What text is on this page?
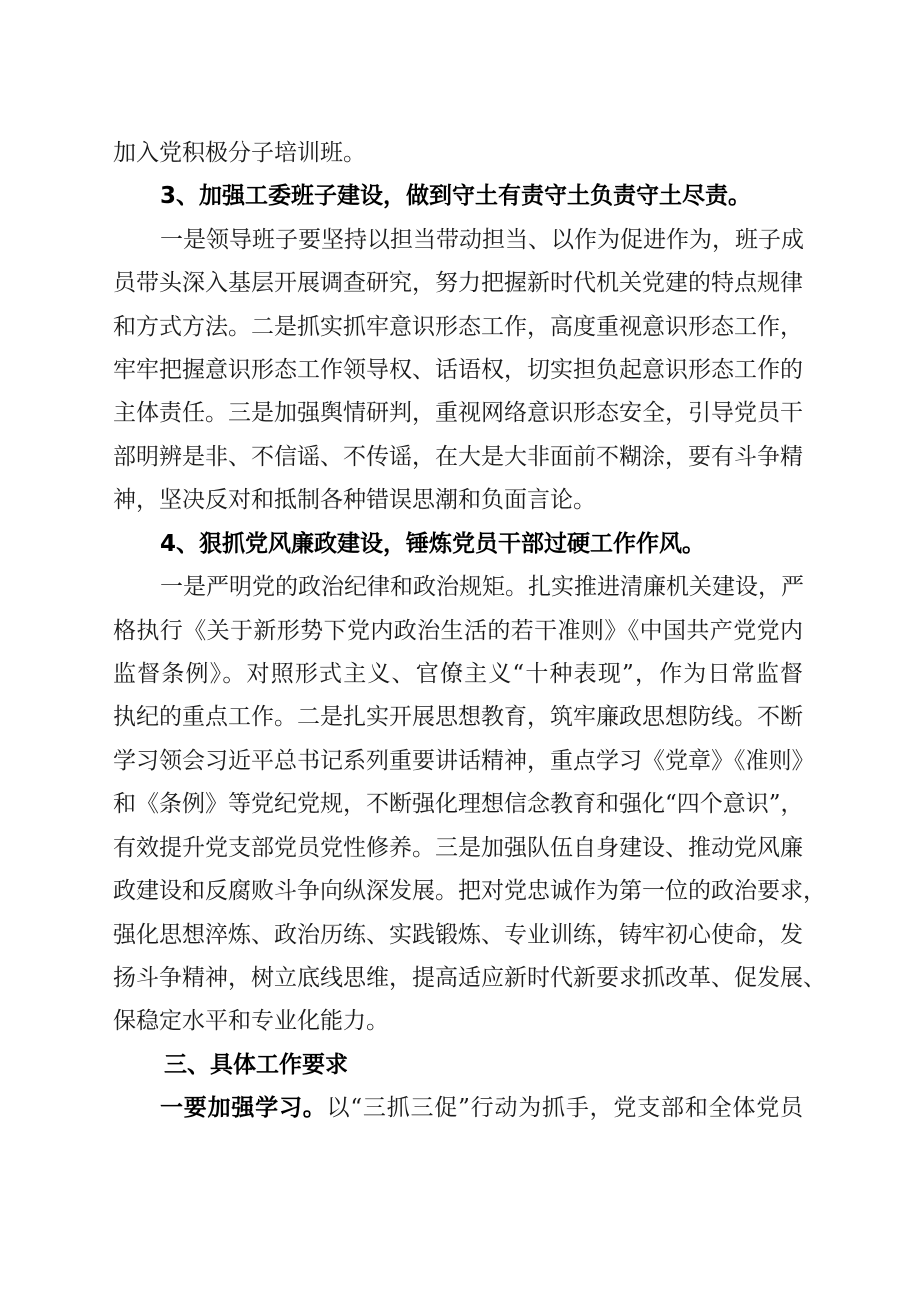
加入党积极分子培训班。
3、加强工委班子建设，做到守土有责守土负责守土尽责。
一是领导班子要坚持以担当带动担当、以作为促进作为，班子成
员带头深入基层开展调查研究，努力把握新时代机关党建的特点规律
和方式方法。二是抓实抓牢意识形态工作，高度重视意识形态工作，
牢牢把握意识形态工作领导权、话语权，切实担负起意识形态工作的
主体责任。三是加强舆情研判，重视网络意识形态安全，引导党员干
部明辨是非、不信谣、不传谣，在大是大非面前不糊涂，要有斗争精
神，坚决反对和抵制各种错误思潮和负面言论。
4、狠抓党风廉政建设，锤炼党员干部过硬工作作风。
一是严明党的政治纪律和政治规矩。扎实推进清廉机关建设，严
格执行《关于新形势下党内政治生活的若干准则》《中国共产党党内
监督条例》。对照形式主义、官僚主义“十种表现”，作为日常监督
执纪的重点工作。二是扎实开展思想教育，筑牢廉政思想防线。不断
学习领会习近平总书记系列重要讲话精神，重点学习《党章》《准则》
和《条例》等党纪党规，不断强化理想信念教育和强化“四个意识”，
有效提升党支部党员党性修养。三是加强队伍自身建设、推动党风廉
政建设和反腐败斗争向纵深发展。把对党忠诚作为第一位的政治要求，
强化思想淬炼、政治历练、实践锻炼、专业训练，铸牢初心使命，发
扬斗争精神，树立底线思维，提高适应新时代新要求抓改革、促发展、
保稳定水平和专业化能力。
三、具体工作要求
一要加强学习。以“三抓三促”行动为抓手，党支部和全体党员
